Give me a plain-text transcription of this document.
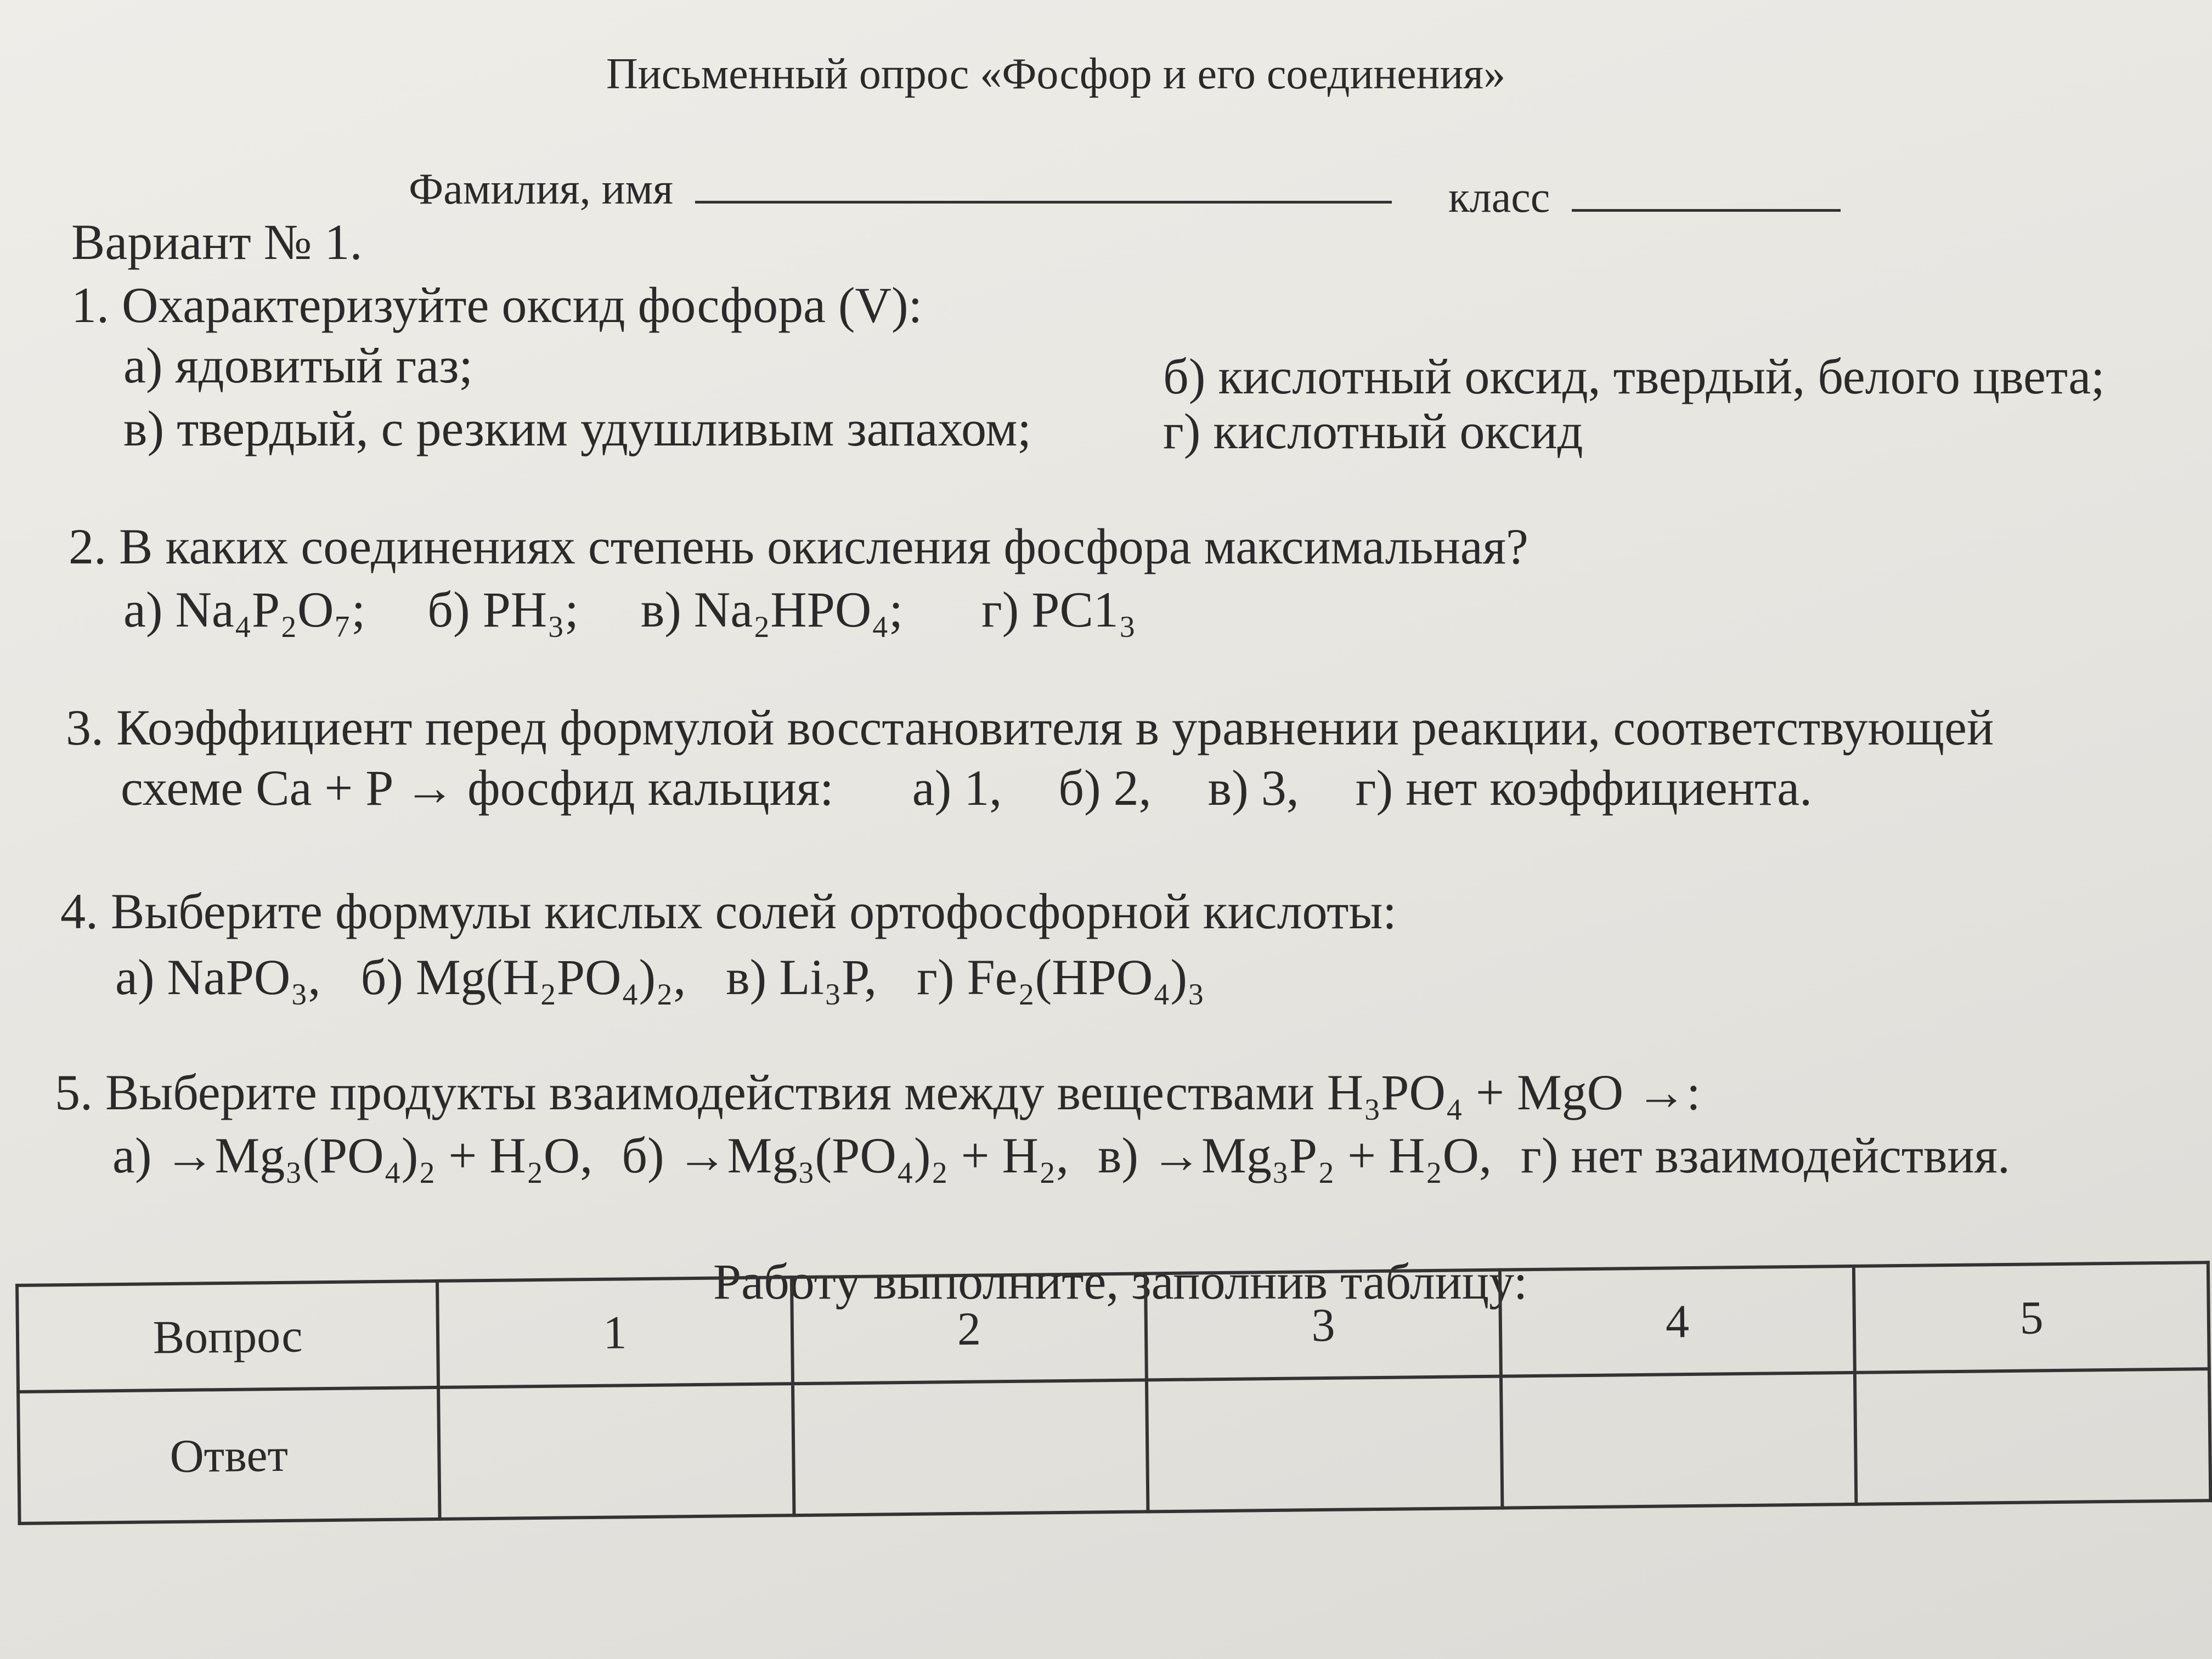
Письменный опрос «Фосфор и его соединения»
Фамилия, имя	класс
Вариант № 1.
1. Охарактеризуйте оксид фосфора (V):
а) ядовитый газ;	б) кислотный оксид, твердый, белого цвета;
в) твердый, с резким удушливым запахом;	г) кислотный оксид
2. В каких соединениях степень окисления фосфора максимальная?
а) Na₄P₂O₇; б) PH₃; в) Na₂HPO₄; г) PC1₃
3. Коэффициент перед формулой восстановителя в уравнении реакции, соответствующей
схеме Ca + P → фосфид кальция: а) 1, б) 2, в) 3, г) нет коэффициента.
4. Выберите формулы кислых солей ортофосфорной кислоты:
а) NaPO₃, б) Mg(H₂PO₄)₂, в) Li₃P, г) Fe₂(HPO₄)₃
5. Выберите продукты взаимодействия между веществами H₃PO₄ + MgO →:
а) →Mg₃(PO₄)₂ + H₂O, б) →Mg₃(PO₄)₂ + H₂, в) →Mg₃P₂ + H₂O, г) нет взаимодействия.
Работу выполните, заполнив таблицу:
Вопрос	1	2	3	4	5
Ответ					
